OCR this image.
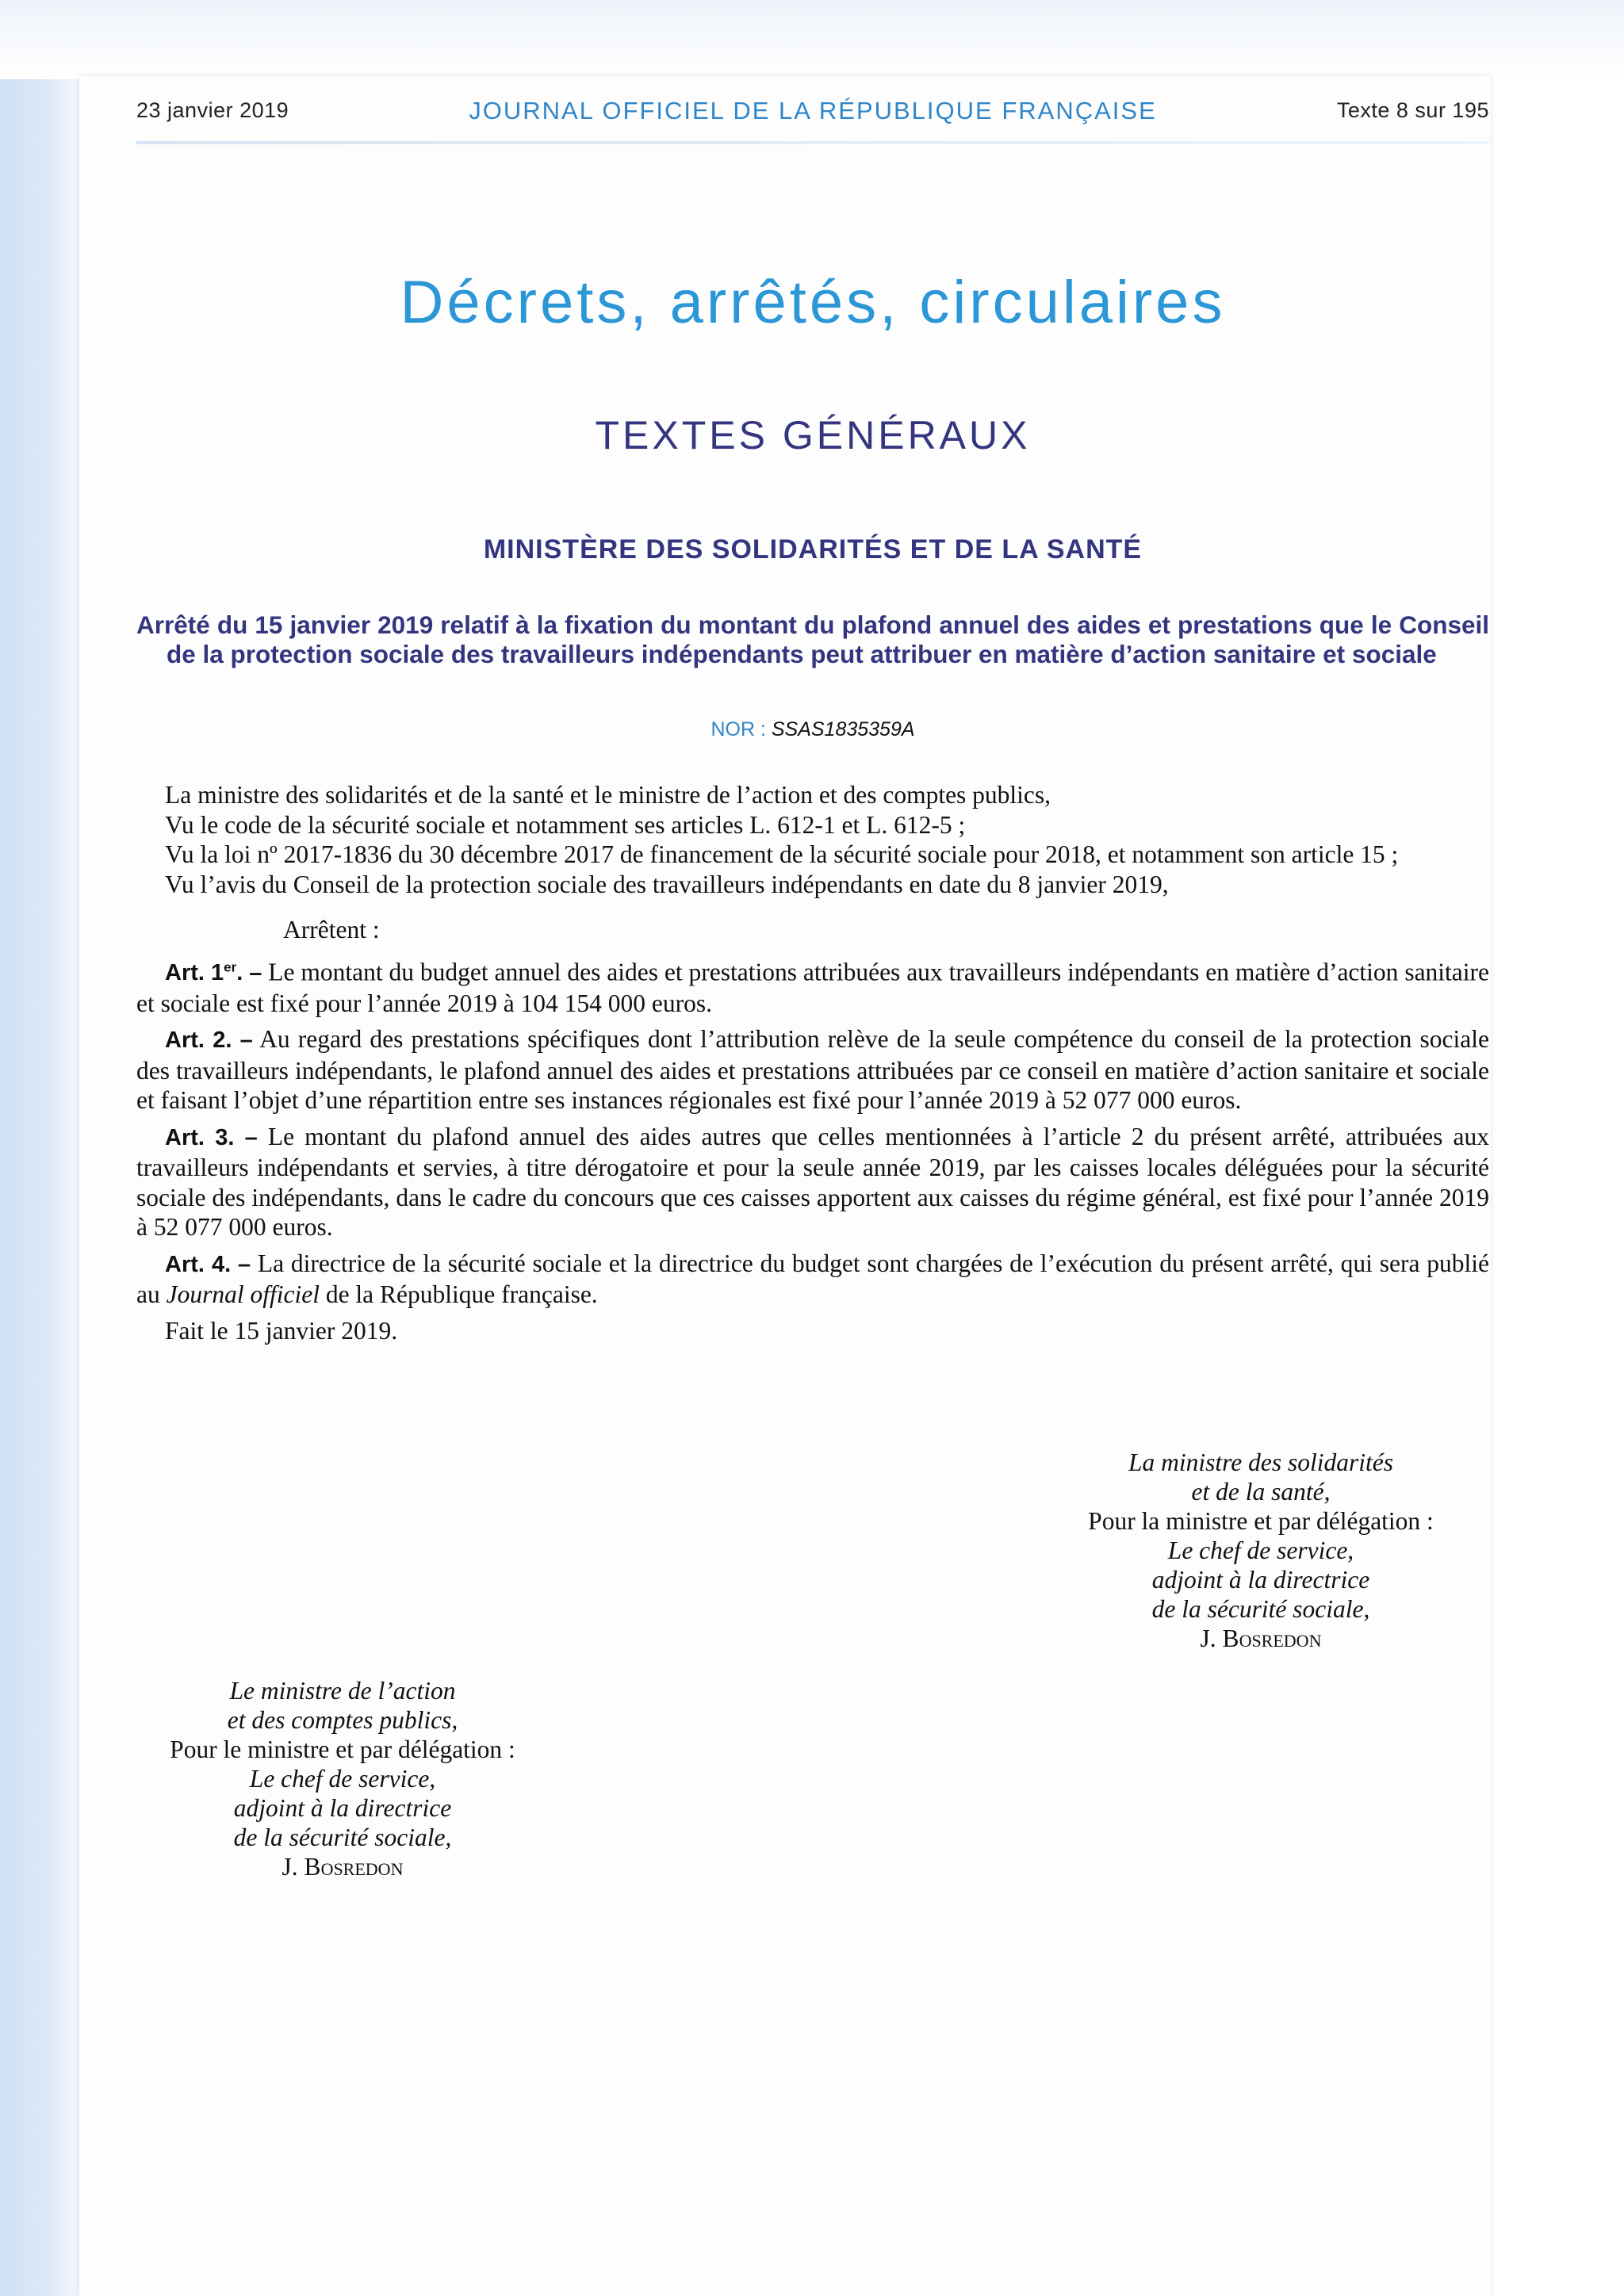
23 janvier 2019	JOURNAL OFFICIEL DE LA RÉPUBLIQUE FRANÇAISE	Texte 8 sur 195
Décrets, arrêtés, circulaires
TEXTES GÉNÉRAUX
MINISTÈRE DES SOLIDARITÉS ET DE LA SANTÉ
Arrêté du 15 janvier 2019 relatif à la fixation du montant du plafond annuel des aides et prestations que le Conseil de la protection sociale des travailleurs indépendants peut attribuer en matière d’action sanitaire et sociale
NOR : SSAS1835359A

La ministre des solidarités et de la santé et le ministre de l’action et des comptes publics,

Vu le code de la sécurité sociale et notamment ses articles L. 612-1 et L. 612-5 ;

Vu la loi nº 2017-1836 du 30 décembre 2017 de financement de la sécurité sociale pour 2018, et notamment son article 15 ;

Vu l’avis du Conseil de la protection sociale des travailleurs indépendants en date du 8 janvier 2019,

Arrêtent :

Art. 1er. – Le montant du budget annuel des aides et prestations attribuées aux travailleurs indépendants en matière d’action sanitaire et sociale est fixé pour l’année 2019 à 104 154 000 euros.

Art. 2. – Au regard des prestations spécifiques dont l’attribution relève de la seule compétence du conseil de la protection sociale des travailleurs indépendants, le plafond annuel des aides et prestations attribuées par ce conseil en matière d’action sanitaire et sociale et faisant l’objet d’une répartition entre ses instances régionales est fixé pour l’année 2019 à 52 077 000 euros.

Art. 3. – Le montant du plafond annuel des aides autres que celles mentionnées à l’article 2 du présent arrêté, attribuées aux travailleurs indépendants et servies, à titre dérogatoire et pour la seule année 2019, par les caisses locales déléguées pour la sécurité sociale des indépendants, dans le cadre du concours que ces caisses apportent aux caisses du régime général, est fixé pour l’année 2019 à 52 077 000 euros.

Art. 4. – La directrice de la sécurité sociale et la directrice du budget sont chargées de l’exécution du présent arrêté, qui sera publié au Journal officiel de la République française.

Fait le 15 janvier 2019.

La ministre des solidarités
et de la santé,
Pour la ministre et par délégation :
Le chef de service,
adjoint à la directrice
de la sécurité sociale,
J. Bosredon
Le ministre de l’action
et des comptes publics,
Pour le ministre et par délégation :
Le chef de service,
adjoint à la directrice
de la sécurité sociale,
J. Bosredon
